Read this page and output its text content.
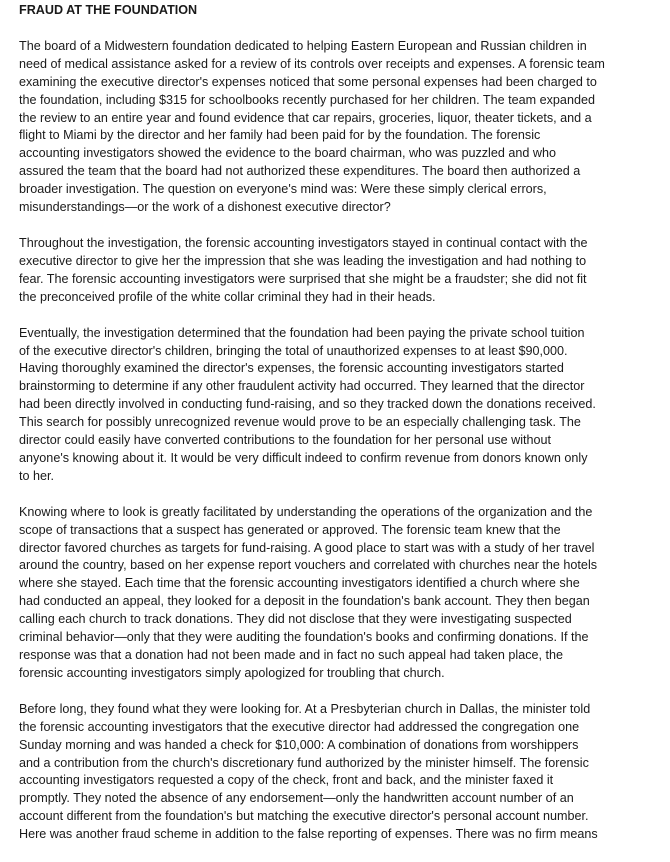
FRAUD AT THE FOUNDATION
The board of a Midwestern foundation dedicated to helping Eastern European and Russian children in
need of medical assistance asked for a review of its controls over receipts and expenses. A forensic team
examining the executive director's expenses noticed that some personal expenses had been charged to
the foundation, including $315 for schoolbooks recently purchased for her children. The team expanded
the review to an entire year and found evidence that car repairs, groceries, liquor, theater tickets, and a
flight to Miami by the director and her family had been paid for by the foundation. The forensic
accounting investigators showed the evidence to the board chairman, who was puzzled and who
assured the team that the board had not authorized these expenditures. The board then authorized a
broader investigation. The question on everyone's mind was: Were these simply clerical errors,
misunderstandings—or the work of a dishonest executive director?
Throughout the investigation, the forensic accounting investigators stayed in continual contact with the
executive director to give her the impression that she was leading the investigation and had nothing to
fear. The forensic accounting investigators were surprised that she might be a fraudster; she did not fit
the preconceived profile of the white collar criminal they had in their heads.
Eventually, the investigation determined that the foundation had been paying the private school tuition
of the executive director's children, bringing the total of unauthorized expenses to at least $90,000.
Having thoroughly examined the director's expenses, the forensic accounting investigators started
brainstorming to determine if any other fraudulent activity had occurred. They learned that the director
had been directly involved in conducting fund-raising, and so they tracked down the donations received.
This search for possibly unrecognized revenue would prove to be an especially challenging task. The
director could easily have converted contributions to the foundation for her personal use without
anyone's knowing about it. It would be very difficult indeed to confirm revenue from donors known only
to her.
Knowing where to look is greatly facilitated by understanding the operations of the organization and the
scope of transactions that a suspect has generated or approved. The forensic team knew that the
director favored churches as targets for fund-raising. A good place to start was with a study of her travel
around the country, based on her expense report vouchers and correlated with churches near the hotels
where she stayed. Each time that the forensic accounting investigators identified a church where she
had conducted an appeal, they looked for a deposit in the foundation's bank account. They then began
calling each church to track donations. They did not disclose that they were investigating suspected
criminal behavior—only that they were auditing the foundation's books and confirming donations. If the
response was that a donation had not been made and in fact no such appeal had taken place, the
forensic accounting investigators simply apologized for troubling that church.
Before long, they found what they were looking for. At a Presbyterian church in Dallas, the minister told
the forensic accounting investigators that the executive director had addressed the congregation one
Sunday morning and was handed a check for $10,000: A combination of donations from worshippers
and a contribution from the church's discretionary fund authorized by the minister himself. The forensic
accounting investigators requested a copy of the check, front and back, and the minister faxed it
promptly. They noted the absence of any endorsement—only the handwritten account number of an
account different from the foundation's but matching the executive director's personal account number.
Here was another fraud scheme in addition to the false reporting of expenses. There was no firm means
